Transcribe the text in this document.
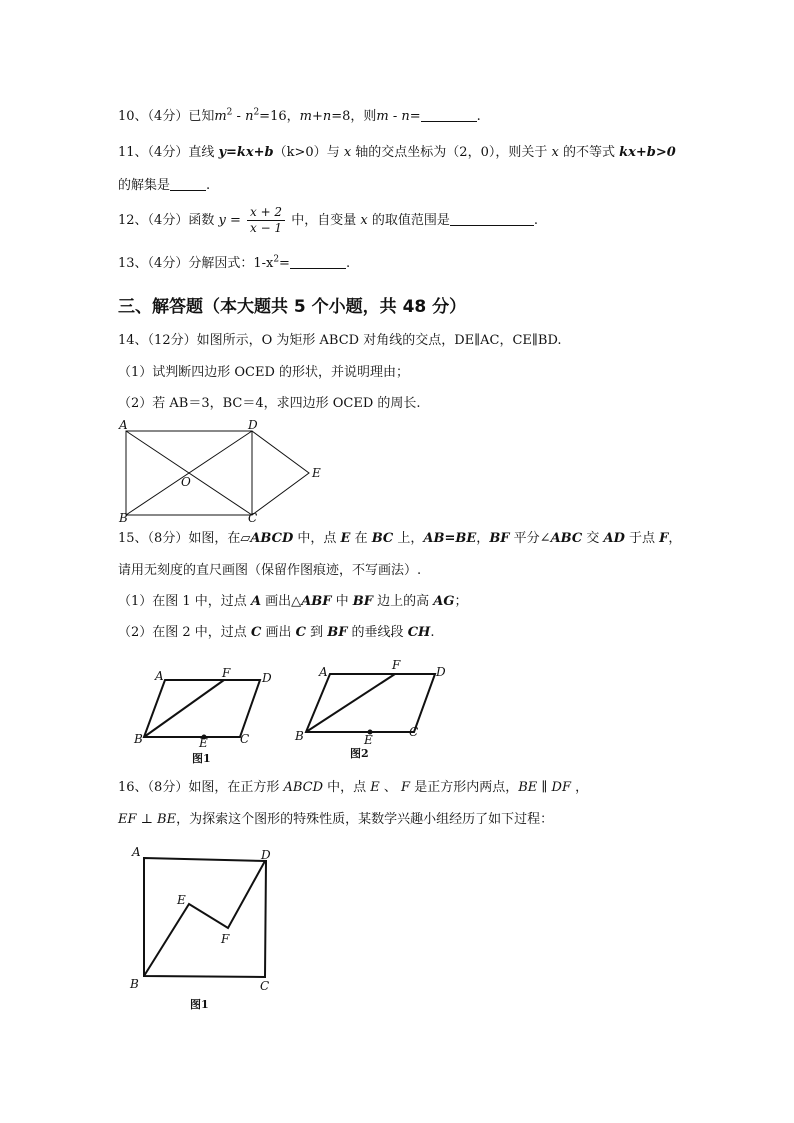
10、（4分）已知$m^2 - n^2=16$，m+n=8，则m - n=	.
11、（4分）直线 y=kx+b（k>0）与 x 轴的交点坐标为（2，0），则关于 x 的不等式 kx+b>0
的解集是	.
12、（4分）函数 $y = \frac{x + 2}{x - 1}$ 中，自变量 x 的取值范围是	.
13、（4分）分解因式：$1-x^2=$	.
三、解答题（本大题共 5 个小题，共 48 分）
14、（12分）如图所示，O 为矩形 ABCD 对角线的交点，DE∥AC，CE∥BD.
（1）试判断四边形 OCED 的形状，并说明理由；
（2）若 AB＝3，BC＝4，求四边形 OCED 的周长.
A	D
O
E
B	C
15、（8分）如图，在▱ABCD 中，点 E 在 BC 上，AB=BE，BF 平分∠ABC 交 AD 于点 F，
请用无刻度的直尺画图（保留作图痕迹，不写画法）.
（1）在图 1 中，过点 A 画出△ABF 中 BF 边上的高 AG；
（2）在图 2 中，过点 C 画出 C 到 BF 的垂线段 CH.
A	F	D
B	E	C
图1
A	F	D
B	E
C
图2
16、（8分）如图，在正方形 ABCD 中，点 E 、 F 是正方形内两点，BE ∥ DF ，
EF ⊥ BE，为探索这个图形的特殊性质，某数学兴趣小组经历了如下过程：
A	D
E
F
B	C
图1
